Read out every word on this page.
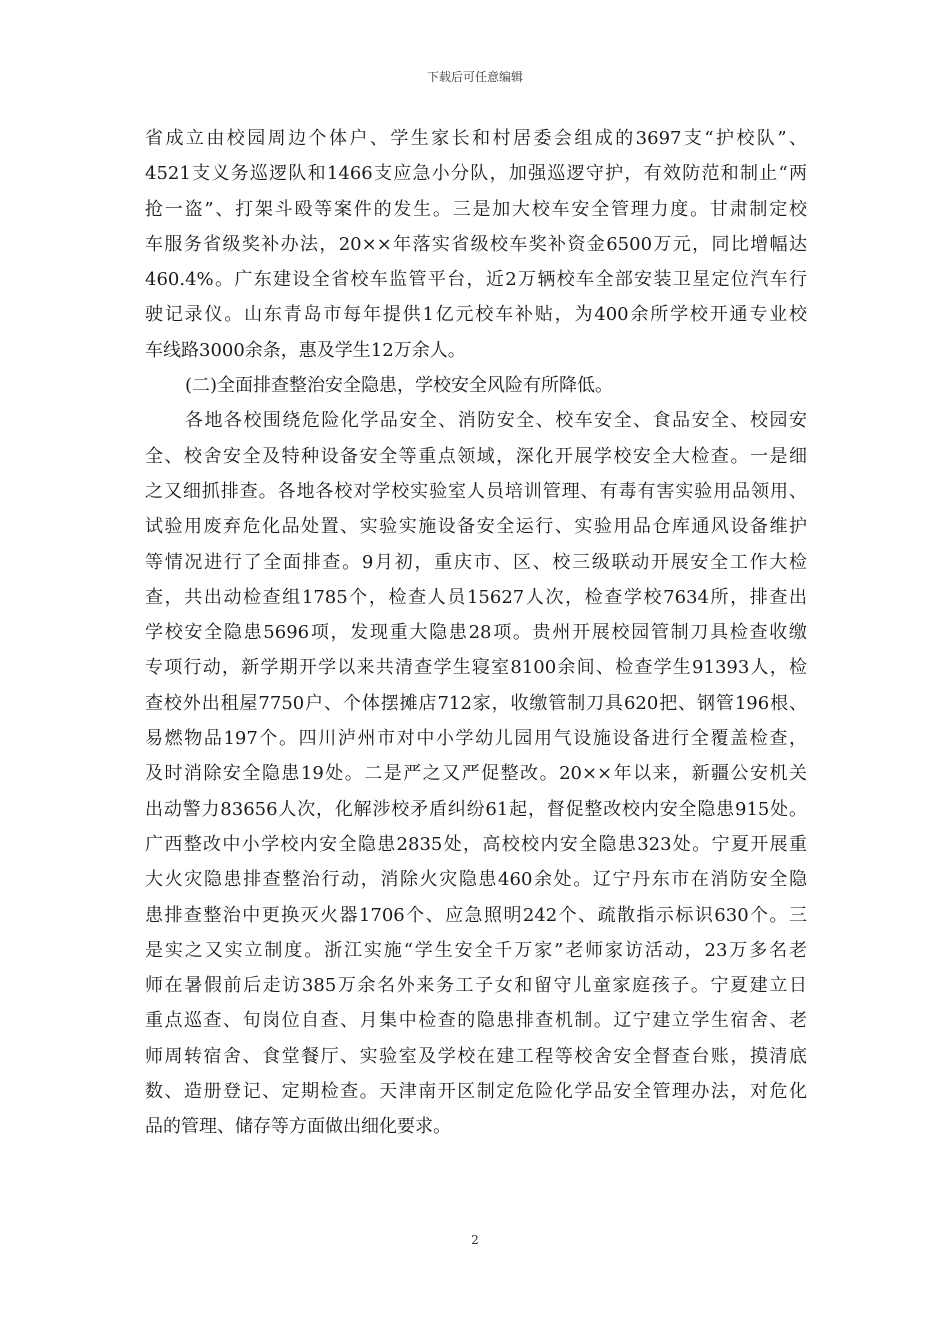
下载后可任意编辑
省成立由校园周边个体户、学生家长和村居委会组成的3697支“护校队”、
4521支义务巡逻队和1466支应急小分队，加强巡逻守护，有效防范和制止“两
抢一盗”、打架斗殴等案件的发生。三是加大校车安全管理力度。甘肃制定校
车服务省级奖补办法，20××年落实省级校车奖补资金6500万元，同比增幅达
460.4%。广东建设全省校车监管平台，近2万辆校车全部安装卫星定位汽车行
驶记录仪。山东青岛市每年提供1亿元校车补贴，为400余所学校开通专业校
车线路3000余条，惠及学生12万余人。
(二)全面排查整治安全隐患，学校安全风险有所降低。
各地各校围绕危险化学品安全、消防安全、校车安全、食品安全、校园安
全、校舍安全及特种设备安全等重点领域，深化开展学校安全大检查。一是细
之又细抓排查。各地各校对学校实验室人员培训管理、有毒有害实验用品领用、
试验用废弃危化品处置、实验实施设备安全运行、实验用品仓库通风设备维护
等情况进行了全面排查。9月初，重庆市、区、校三级联动开展安全工作大检
查，共出动检查组1785个，检查人员15627人次，检查学校7634所，排查出
学校安全隐患5696项，发现重大隐患28项。贵州开展校园管制刀具检查收缴
专项行动，新学期开学以来共清查学生寝室8100余间、检查学生91393人，检
查校外出租屋7750户、个体摆摊店712家，收缴管制刀具620把、钢管196根、
易燃物品197个。四川泸州市对中小学幼儿园用气设施设备进行全覆盖检查，
及时消除安全隐患19处。二是严之又严促整改。20××年以来，新疆公安机关
出动警力83656人次，化解涉校矛盾纠纷61起，督促整改校内安全隐患915处。
广西整改中小学校内安全隐患2835处，高校校内安全隐患323处。宁夏开展重
大火灾隐患排查整治行动，消除火灾隐患460余处。辽宁丹东市在消防安全隐
患排查整治中更换灭火器1706个、应急照明242个、疏散指示标识630个。三
是实之又实立制度。浙江实施“学生安全千万家”老师家访活动，23万多名老
师在暑假前后走访385万余名外来务工子女和留守儿童家庭孩子。宁夏建立日
重点巡查、旬岗位自查、月集中检查的隐患排查机制。辽宁建立学生宿舍、老
师周转宿舍、食堂餐厅、实验室及学校在建工程等校舍安全督查台账，摸清底
数、造册登记、定期检查。天津南开区制定危险化学品安全管理办法，对危化
品的管理、储存等方面做出细化要求。
2
